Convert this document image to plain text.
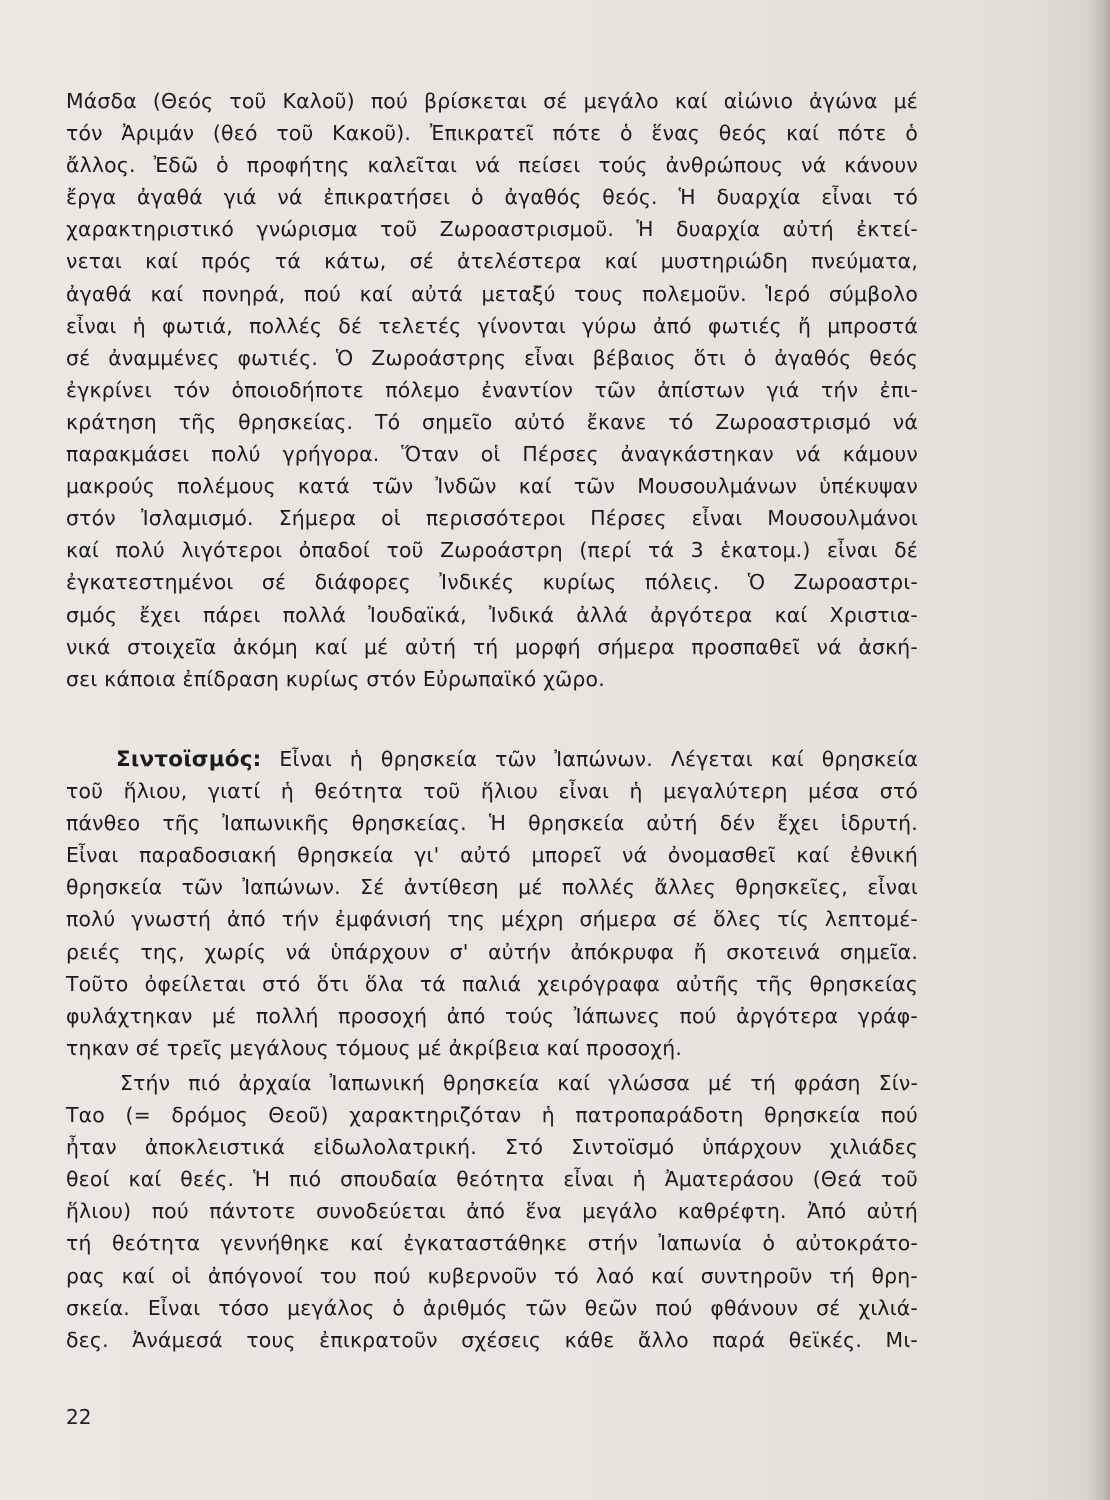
Μάσδα (Θεός τοῦ Καλοῦ) πού βρίσκεται σέ μεγάλο καί αἰώνιο ἀγώνα μέ
τόν Ἀριμάν (θεό τοῦ Κακοῦ). Ἐπικρατεῖ πότε ὁ ἕνας θεός καί πότε ὁ
ἄλλος. Ἐδῶ ὁ προφήτης καλεῖται νά πείσει τούς ἀνθρώπους νά κάνουν
ἔργα ἀγαθά γιά νά ἐπικρατήσει ὁ ἀγαθός θεός. Ἡ δυαρχία εἶναι τό
χαρακτηριστικό γνώρισμα τοῦ Ζωροαστρισμοῦ. Ἡ δυαρχία αὐτή ἐκτεί-
νεται καί πρός τά κάτω, σέ ἀτελέστερα καί μυστηριώδη πνεύματα,
ἀγαθά καί πονηρά, πού καί αὐτά μεταξύ τους πολεμοῦν. Ἱερό σύμβολο
εἶναι ἡ φωτιά, πολλές δέ τελετές γίνονται γύρω ἀπό φωτιές ἤ μπροστά
σέ ἀναμμένες φωτιές. Ὁ Ζωροάστρης εἶναι βέβαιος ὅτι ὁ ἀγαθός θεός
ἐγκρίνει τόν ὁποιοδήποτε πόλεμο ἐναντίον τῶν ἀπίστων γιά τήν ἐπι-
κράτηση τῆς θρησκείας. Τό σημεῖο αὐτό ἔκανε τό Ζωροαστρισμό νά
παρακμάσει πολύ γρήγορα. Ὅταν οἱ Πέρσες ἀναγκάστηκαν νά κάμουν
μακρούς πολέμους κατά τῶν Ἰνδῶν καί τῶν Μουσουλμάνων ὑπέκυψαν
στόν Ἰσλαμισμό. Σήμερα οἱ περισσότεροι Πέρσες εἶναι Μουσουλμάνοι
καί πολύ λιγότεροι ὀπαδοί τοῦ Ζωροάστρη (περί τά 3 ἑκατομ.) εἶναι δέ
ἐγκατεστημένοι σέ διάφορες Ἰνδικές κυρίως πόλεις. Ὁ Ζωροαστρι-
σμός ἔχει πάρει πολλά Ἰουδαϊκά, Ἰνδικά ἀλλά ἀργότερα καί Χριστια-
νικά στοιχεῖα ἀκόμη καί μέ αὐτή τή μορφή σήμερα προσπαθεῖ νά ἀσκή-
σει κάποια ἐπίδραση κυρίως στόν Εὐρωπαϊκό χῶρο.
Σιντοϊσμός: Εἶναι ἡ θρησκεία τῶν Ἰαπώνων. Λέγεται καί θρησκεία
τοῦ ἥλιου, γιατί ἡ θεότητα τοῦ ἥλιου εἶναι ἡ μεγαλύτερη μέσα στό
πάνθεο τῆς Ἰαπωνικῆς θρησκείας. Ἡ θρησκεία αὐτή δέν ἔχει ἱδρυτή.
Εἶναι παραδοσιακή θρησκεία γι' αὐτό μπορεῖ νά ὀνομασθεῖ καί ἐθνική
θρησκεία τῶν Ἰαπώνων. Σέ ἀντίθεση μέ πολλές ἄλλες θρησκεῖες, εἶναι
πολύ γνωστή ἀπό τήν ἐμφάνισή της μέχρη σήμερα σέ ὅλες τίς λεπτομέ-
ρειές της, χωρίς νά ὑπάρχουν σ' αὐτήν ἀπόκρυφα ἤ σκοτεινά σημεῖα.
Τοῦτο ὀφείλεται στό ὅτι ὅλα τά παλιά χειρόγραφα αὐτῆς τῆς θρησκείας
φυλάχτηκαν μέ πολλή προσοχή ἀπό τούς Ἰάπωνες πού ἀργότερα γράφ-
τηκαν σέ τρεῖς μεγάλους τόμους μέ ἀκρίβεια καί προσοχή.
Στήν πιό ἀρχαία Ἰαπωνική θρησκεία καί γλώσσα μέ τή φράση Σίν-
Ταο (= δρόμος Θεοῦ) χαρακτηριζόταν ἡ πατροπαράδοτη θρησκεία πού
ἦταν ἀποκλειστικά εἰδωλολατρική. Στό Σιντοϊσμό ὑπάρχουν χιλιάδες
θεοί καί θεές. Ἡ πιό σπουδαία θεότητα εἶναι ἡ Ἀματεράσου (Θεά τοῦ
ἥλιου) πού πάντοτε συνοδεύεται ἀπό ἕνα μεγάλο καθρέφτη. Ἀπό αὐτή
τή θεότητα γεννήθηκε καί ἐγκαταστάθηκε στήν Ἰαπωνία ὁ αὐτοκράτο-
ρας καί οἱ ἀπόγονοί του πού κυβερνοῦν τό λαό καί συντηροῦν τή θρη-
σκεία. Εἶναι τόσο μεγάλος ὁ ἀριθμός τῶν θεῶν πού φθάνουν σέ χιλιά-
δες. Ἀνάμεσά τους ἐπικρατοῦν σχέσεις κάθε ἄλλο παρά θεϊκές. Μι-
22
